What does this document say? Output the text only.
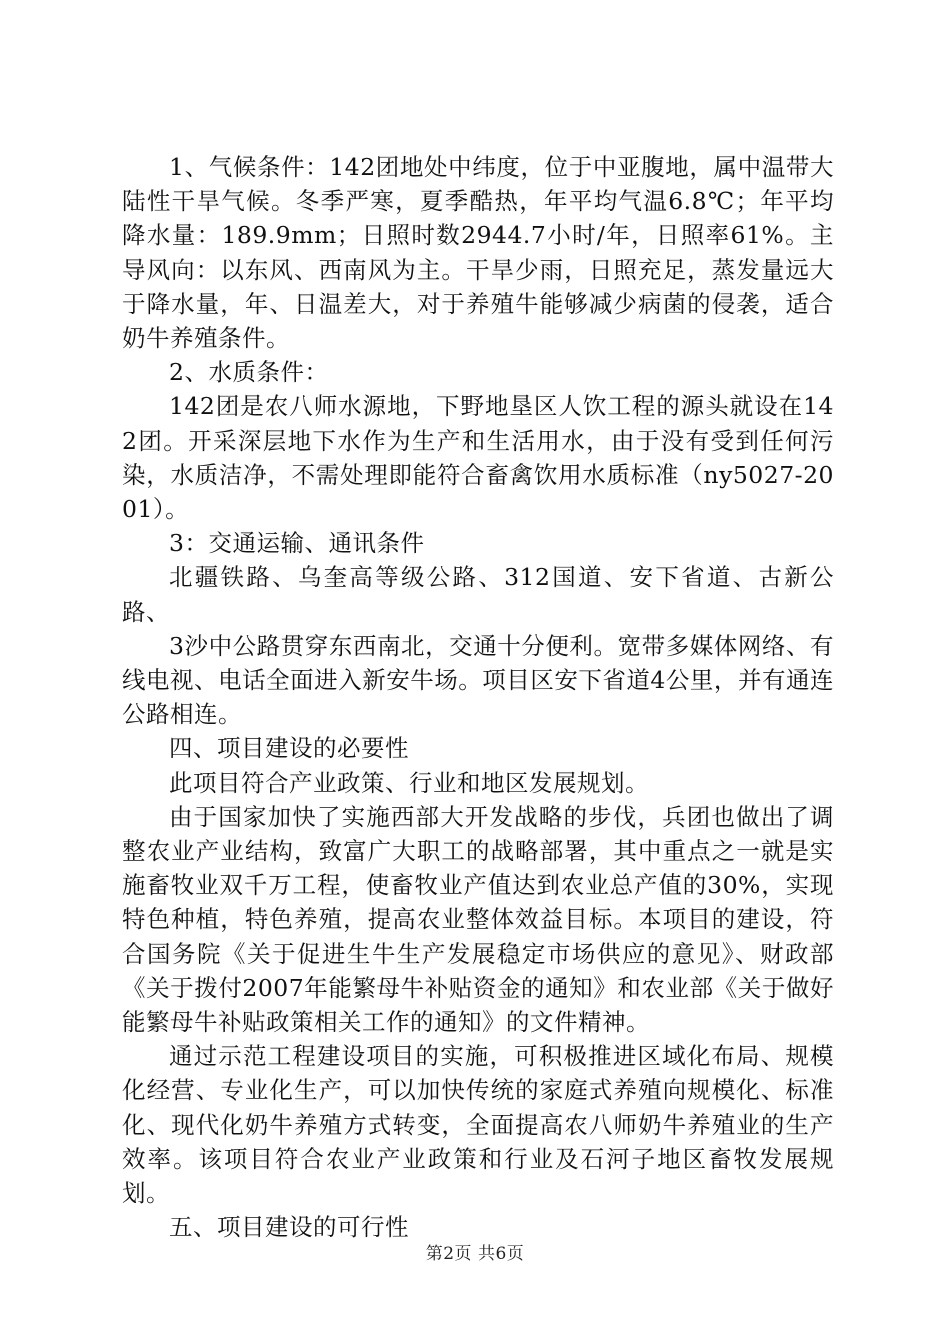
1、气候条件：142团地处中纬度，位于中亚腹地，属中温带大陆性干旱气候。冬季严寒，夏季酷热，年平均气温6.8℃；年平均降水量：189.9mm；日照时数2944.7小时/年，日照率61%。主导风向：以东风、西南风为主。干旱少雨，日照充足，蒸发量远大于降水量，年、日温差大，对于养殖牛能够减少病菌的侵袭，适合奶牛养殖条件。

2、水质条件：

142团是农八师水源地，下野地垦区人饮工程的源头就设在142团。开采深层地下水作为生产和生活用水，由于没有受到任何污染，水质洁净，不需处理即能符合畜禽饮用水质标准（ny5027-2001）。

3：交通运输、通讯条件

北疆铁路、乌奎高等级公路、312国道、安下省道、古新公路、

3沙中公路贯穿东西南北，交通十分便利。宽带多媒体网络、有线电视、电话全面进入新安牛场。项目区安下省道4公里，并有通连公路相连。

四、项目建设的必要性

此项目符合产业政策、行业和地区发展规划。

由于国家加快了实施西部大开发战略的步伐，兵团也做出了调整农业产业结构，致富广大职工的战略部署，其中重点之一就是实施畜牧业双千万工程，使畜牧业产值达到农业总产值的30%，实现特色种植，特色养殖，提高农业整体效益目标。本项目的建设，符合国务院《关于促进生牛生产发展稳定市场供应的意见》、财政部《关于拨付2007年能繁母牛补贴资金的通知》和农业部《关于做好能繁母牛补贴政策相关工作的通知》的文件精神。

通过示范工程建设项目的实施，可积极推进区域化布局、规模化经营、专业化生产，可以加快传统的家庭式养殖向规模化、标准化、现代化奶牛养殖方式转变，全面提高农八师奶牛养殖业的生产效率。该项目符合农业产业政策和行业及石河子地区畜牧发展规划。

五、项目建设的可行性

第2页 共6页
